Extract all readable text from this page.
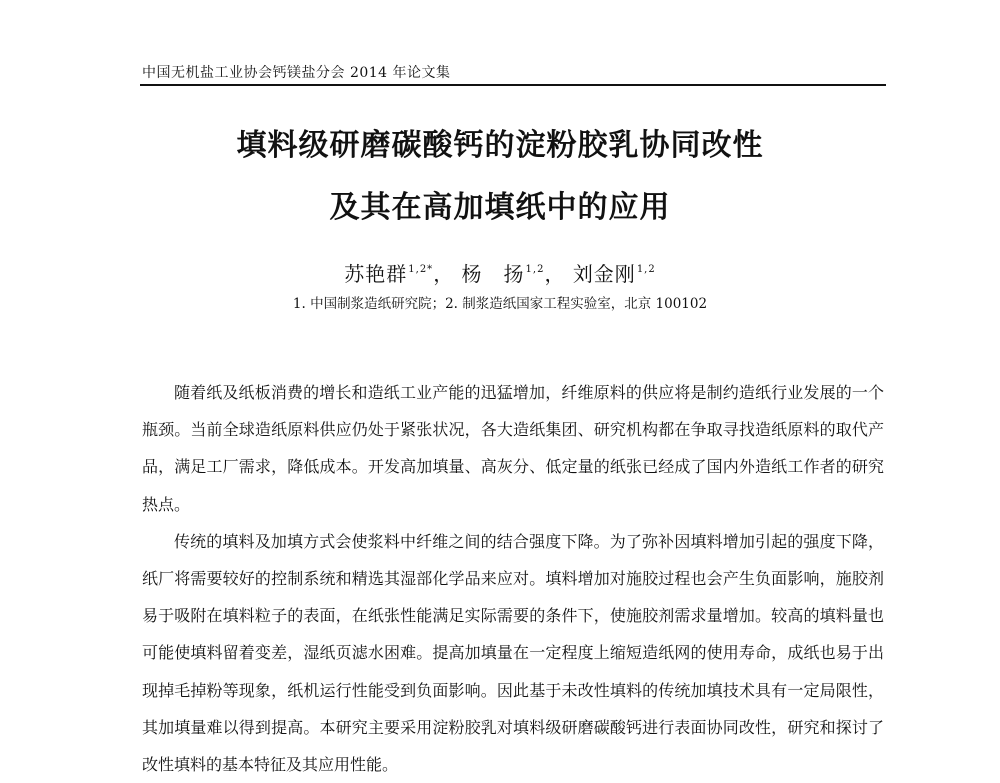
中国无机盐工业协会钙镁盐分会 2014 年论文集
填料级研磨碳酸钙的淀粉胶乳协同改性
及其在高加填纸中的应用
苏艳群$^{1,2*}$， 杨　扬$^{1,2}$， 刘金刚$^{1,2}$
1. 中国制浆造纸研究院；2. 制浆造纸国家工程实验室，北京 100102

随着纸及纸板消费的增长和造纸工业产能的迅猛增加，纤维原料的供应将是制约造纸行业发展的一个瓶颈。当前全球造纸原料供应仍处于紧张状况，各大造纸集团、研究机构都在争取寻找造纸原料的取代产品，满足工厂需求，降低成本。开发高加填量、高灰分、低定量的纸张已经成了国内外造纸工作者的研究热点。

传统的填料及加填方式会使浆料中纤维之间的结合强度下降。为了弥补因填料增加引起的强度下降，纸厂将需要较好的控制系统和精选其湿部化学品来应对。填料增加对施胶过程也会产生负面影响，施胶剂易于吸附在填料粒子的表面，在纸张性能满足实际需要的条件下，使施胶剂需求量增加。较高的填料量也可能使填料留着变差，湿纸页滤水困难。提高加填量在一定程度上缩短造纸网的使用寿命，成纸也易于出现掉毛掉粉等现象，纸机运行性能受到负面影响。因此基于未改性填料的传统加填技术具有一定局限性，其加填量难以得到提高。本研究主要采用淀粉胶乳对填料级研磨碳酸钙进行表面协同改性，研究和探讨了改性填料的基本特征及其应用性能。
